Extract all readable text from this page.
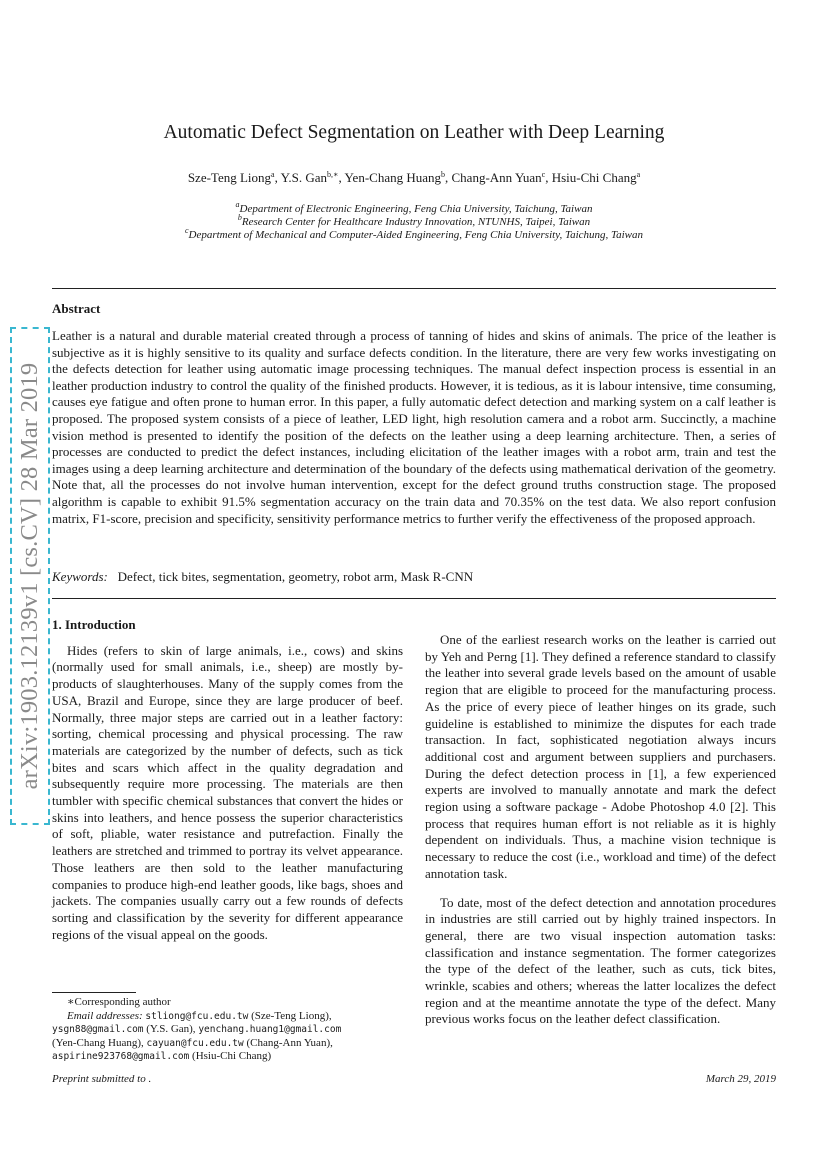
arXiv:1903.12139v1 [cs.CV] 28 Mar 2019
Automatic Defect Segmentation on Leather with Deep Learning
Sze-Teng Liong$^a$, Y.S. Gan$^{b,∗}$, Yen-Chang Huang$^b$, Chang-Ann Yuan$^c$, Hsiu-Chi Chang$^a$
$^a$Department of Electronic Engineering, Feng Chia University, Taichung, Taiwan
$^b$Research Center for Healthcare Industry Innovation, NTUNHS, Taipei, Taiwan
$^c$Department of Mechanical and Computer-Aided Engineering, Feng Chia University, Taichung, Taiwan
Abstract

Leather is a natural and durable material created through a process of tanning of hides and skins of animals. The price of the leather is subjective as it is highly sensitive to its quality and surface defects condition. In the literature, there are very few works investigating on the defects detection for leather using automatic image processing techniques. The manual defect inspection process is essential in an leather production industry to control the quality of the finished products. However, it is tedious, as it is labour intensive, time consuming, causes eye fatigue and often prone to human error. In this paper, a fully automatic defect detection and marking system on a calf leather is proposed. The proposed system consists of a piece of leather, LED light, high resolution camera and a robot arm. Succinctly, a machine vision method is presented to identify the position of the defects on the leather using a deep learning architecture. Then, a series of processes are conducted to predict the defect instances, including elicitation of the leather images with a robot arm, train and test the images using a deep learning architecture and determination of the boundary of the defects using mathematical derivation of the geometry. Note that, all the processes do not involve human intervention, except for the defect ground truths construction stage. The proposed algorithm is capable to exhibit 91.5% segmentation accuracy on the train data and 70.35% on the test data. We also report confusion matrix, F1-score, precision and specificity, sensitivity performance metrics to further verify the effectiveness of the proposed approach.

Keywords: Defect, tick bites, segmentation, geometry, robot arm, Mask R-CNN
1. Introduction

Hides (refers to skin of large animals, i.e., cows) and skins (normally used for small animals, i.e., sheep) are mostly by-products of slaughterhouses. Many of the supply comes from the USA, Brazil and Europe, since they are large producer of beef. Normally, three major steps are carried out in a leather factory: sorting, chemical processing and physical processing. The raw materials are categorized by the number of defects, such as tick bites and scars which affect in the quality degradation and subsequently require more processing. The materials are then tumbler with specific chemical substances that convert the hides or skins into leathers, and hence possess the superior characteristics of soft, pliable, water resistance and putrefaction. Finally the leathers are stretched and trimmed to portray its velvet appearance. Those leathers are then sold to the leather manufacturing companies to produce high-end leather goods, like bags, shoes and jackets. The companies usually carry out a few rounds of defects sorting and classification by the severity for different appearance regions of the visual appeal on the goods.

One of the earliest research works on the leather is carried out by Yeh and Perng [1]. They defined a reference standard to classify the leather into several grade levels based on the amount of usable region that are eligible to proceed for the manufacturing process. As the price of every piece of leather hinges on its grade, such guideline is established to minimize the disputes for each trade transaction. In fact, sophisticated negotiation always incurs additional cost and argument between suppliers and purchasers. During the defect detection process in [1], a few experienced experts are involved to manually annotate and mark the defect region using a software package - Adobe Photoshop 4.0 [2]. This process that requires human effort is not reliable as it is highly dependent on individuals. Thus, a machine vision technique is necessary to reduce the cost (i.e., workload and time) of the defect annotation task.

To date, most of the defect detection and annotation procedures in industries are still carried out by highly trained inspectors. In general, there are two visual inspection automation tasks: classification and instance segmentation. The former categorizes the type of the defect of the leather, such as cuts, tick bites, wrinkle, scabies and others; whereas the latter localizes the defect region and at the meantime annotate the type of the defect. Many previous works focus on the leather defect classification.

∗Corresponding author

Email addresses: stliong@fcu.edu.tw (Sze-Teng Liong),

ysgn88@gmail.com (Y.S. Gan), yenchang.huang1@gmail.com

(Yen-Chang Huang), cayuan@fcu.edu.tw (Chang-Ann Yuan),

aspirine923768@gmail.com (Hsiu-Chi Chang)

Preprint submitted to .	March 29, 2019
